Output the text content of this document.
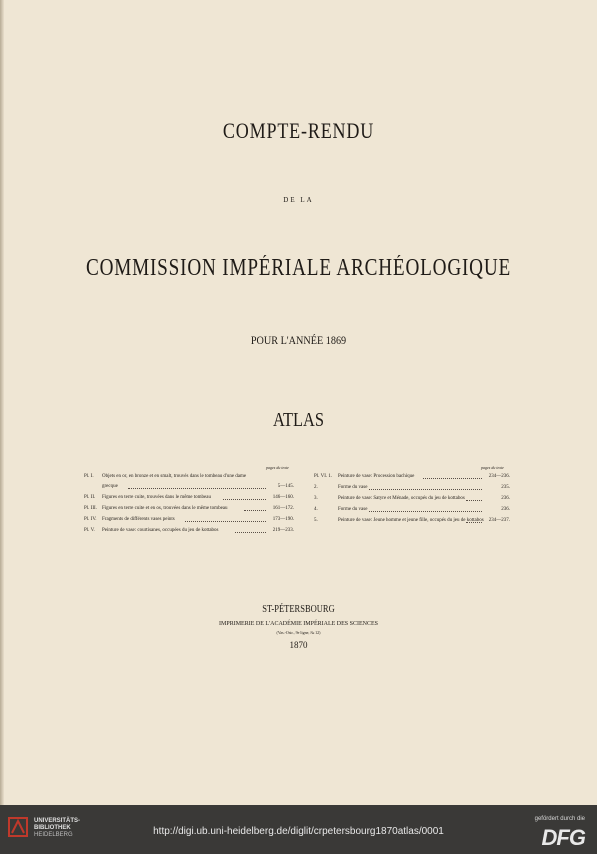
COMPTE-RENDU
DE LA
COMMISSION IMPÉRIALE ARCHÉOLOGIQUE
POUR L'ANNÉE 1869
ATLAS
pages du texte	pages du texte
Pl. I. Objets en or, en bronze et en smalt, trouvés dans le tombeau d'une dame
grecque	5—145.
Pl. II. Figures en terre cuite, trouvées dans le même tombeau	146—160.
Pl. III. Figures en terre cuite et en os, trouvées dans le même tombeau	161—172.
Pl. IV. Fragments de différents vases peints	173—190.
Pl. V. Peinture de vase: courtisanes, occupées du jeu de kottabos	219—233.
Pl. VI. 1. Peinture de vase: Procession bachique	234—236.
2.	Forme du vase	235.
3.	Peinture de vase: Satyre et Ménade, occupés du jeu de kottabos	236.
4.	Forme du vase	236.
5.	Peinture de vase: Jeune homme et jeune fille, occupés du jeu de kottabos 234—237.
ST-PÉTERSBOURG
IMPRIMERIE DE L'ACADÉMIE IMPÉRIALE DES SCIENCES
(Vas.-Ostr., 9e ligne, № 12)
1870
UNIVERSITÄTS-
BIBLIOTHEK
HEIDELBERG	http://digi.ub.uni-heidelberg.de/diglit/crpetersbourg1870atlas/0001
gefördert durch die
DFG
